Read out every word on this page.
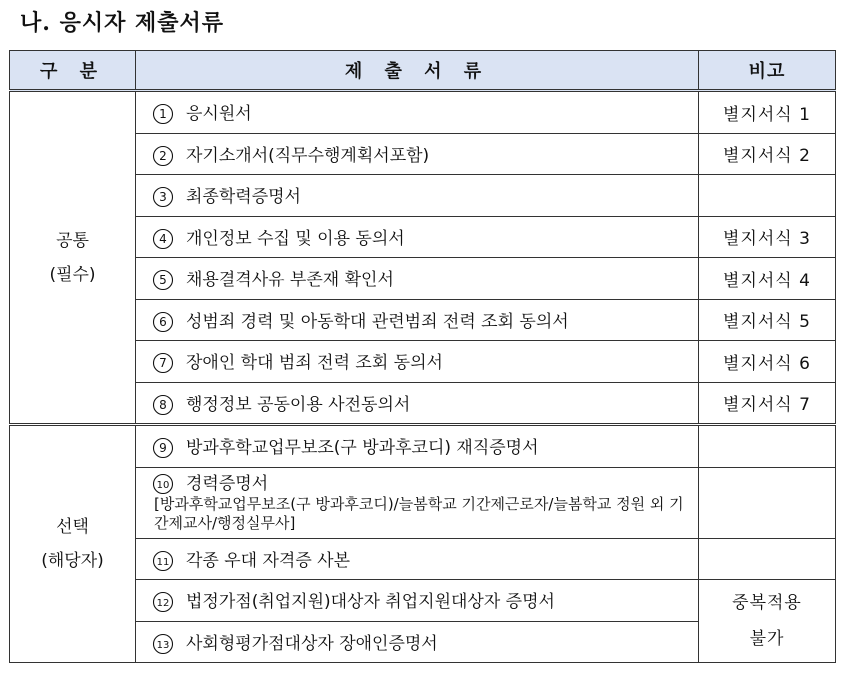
나. 응시자 제출서류
구 분	제 출 서 류	비고
공통
(필수)	1 응시원서	별지서식 1

2 자기소개서(직무수행계획서포함)	별지서식 2

3 최종학력증명서	

4 개인정보 수집 및 이용 동의서	별지서식 3

5 채용결격사유 부존재 확인서	별지서식 4

6 성범죄 경력 및 아동학대 관련범죄 전력 조회 동의서	별지서식 5

7 장애인 학대 범죄 전력 조회 동의서	별지서식 6

8 행정정보 공동이용 사전동의서	별지서식 7
선택
(해당자)	9 방과후학교업무보조(구 방과후코디) 재직증명서	

10 경력증명서
[방과후학교업무보조(구 방과후코디)/늘봄학교 기간제근로자/늘봄학교 정원 외 기간제교사/행정실무사]	

11 각종 우대 자격증 사본	

12 법정가점(취업지원)대상자 취업지원대상자 증명서	중복적용
불가

13 사회형평가점대상자 장애인증명서	
